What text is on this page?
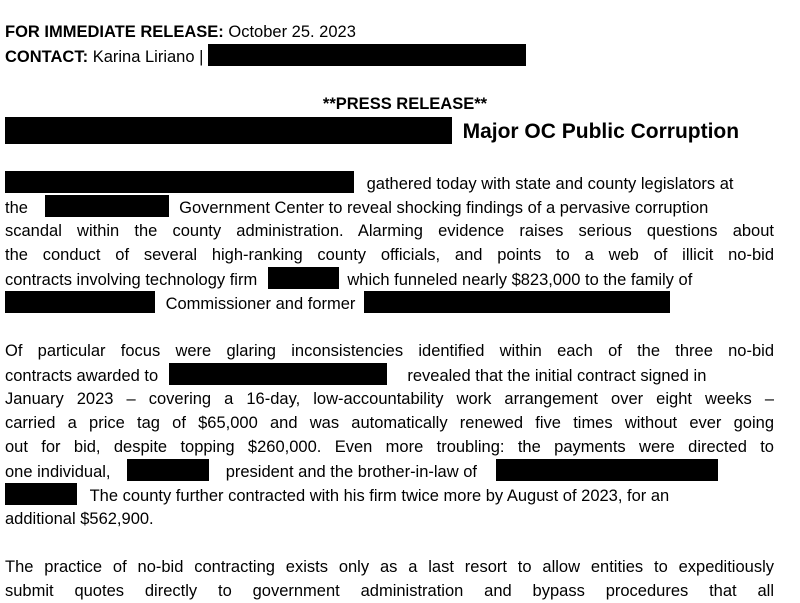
FOR IMMEDIATE RELEASE: October 25. 2023
CONTACT: Karina Liriano |
**PRESS RELEASE**
Major OC Public Corruption
gathered today with state and county legislators at
the	Government Center to reveal shocking findings of a pervasive corruption
scandal within the county administration. Alarming evidence raises serious questions about
the conduct of several high-ranking county officials, and points to a web of illicit no-bid
contracts involving technology firm	which funneled nearly $823,000 to the family of
Commissioner and former
Of particular focus were glaring inconsistencies identified within each of the three no-bid
contracts awarded to	revealed that the initial contract signed in
January 2023 – covering a 16-day, low-accountability work arrangement over eight weeks –
carried a price tag of $65,000 and was automatically renewed five times without ever going
out for bid, despite topping $260,000. Even more troubling: the payments were directed to
one individual,	president and the brother-in-law of
The county further contracted with his firm twice more by August of 2023, for an
additional $562,900.
The practice of no-bid contracting exists only as a last resort to allow entities to expeditiously
submit quotes directly to government administration and bypass procedures that all
